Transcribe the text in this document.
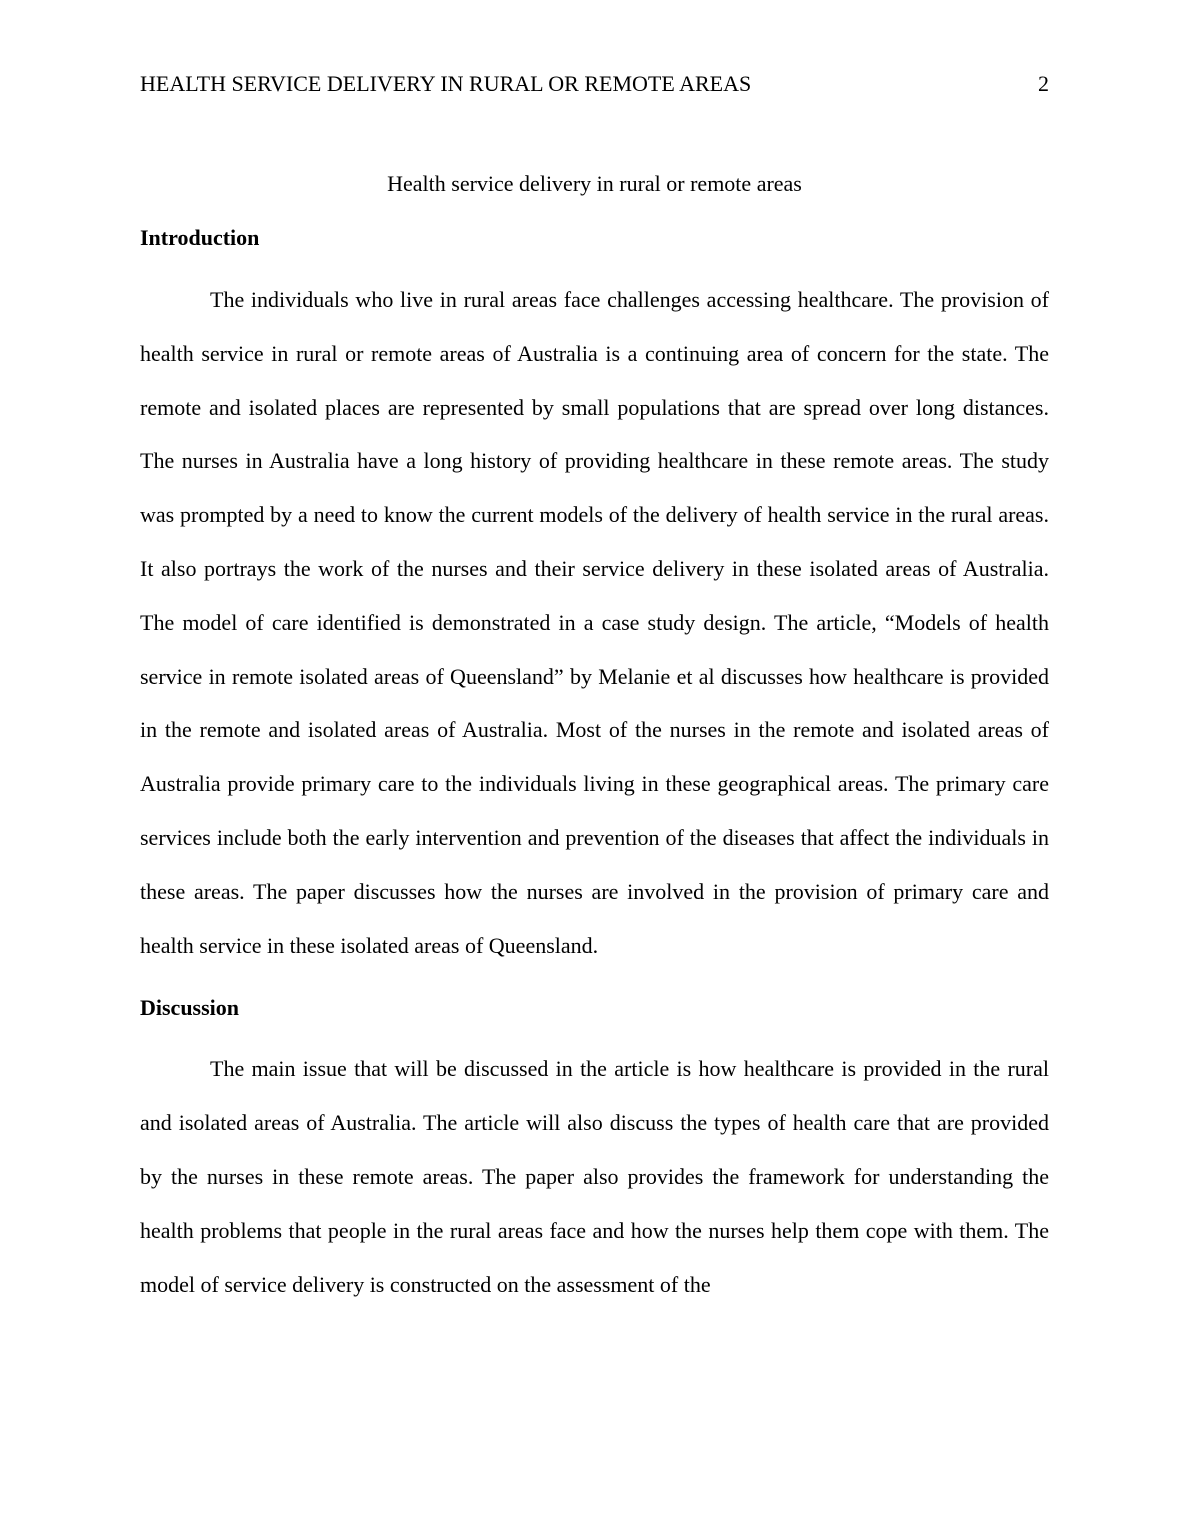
HEALTH SERVICE DELIVERY IN RURAL OR REMOTE AREAS	2
Health service delivery in rural or remote areas
Introduction

The individuals who live in rural areas face challenges accessing healthcare. The provision of health service in rural or remote areas of Australia is a continuing area of concern for the state. The remote and isolated places are represented by small populations that are spread over long distances. The nurses in Australia have a long history of providing healthcare in these remote areas. The study was prompted by a need to know the current models of the delivery of health service in the rural areas. It also portrays the work of the nurses and their service delivery in these isolated areas of Australia. The model of care identified is demonstrated in a case study design. The article, “Models of health service in remote isolated areas of Queensland” by Melanie et al discusses how healthcare is provided in the remote and isolated areas of Australia. Most of the nurses in the remote and isolated areas of Australia provide primary care to the individuals living in these geographical areas. The primary care services include both the early intervention and prevention of the diseases that affect the individuals in these areas. The paper discusses how the nurses are involved in the provision of primary care and health service in these isolated areas of Queensland.

Discussion

The main issue that will be discussed in the article is how healthcare is provided in the rural and isolated areas of Australia. The article will also discuss the types of health care that are provided by the nurses in these remote areas. The paper also provides the framework for understanding the health problems that people in the rural areas face and how the nurses help them cope with them. The model of service delivery is constructed on the assessment of the
